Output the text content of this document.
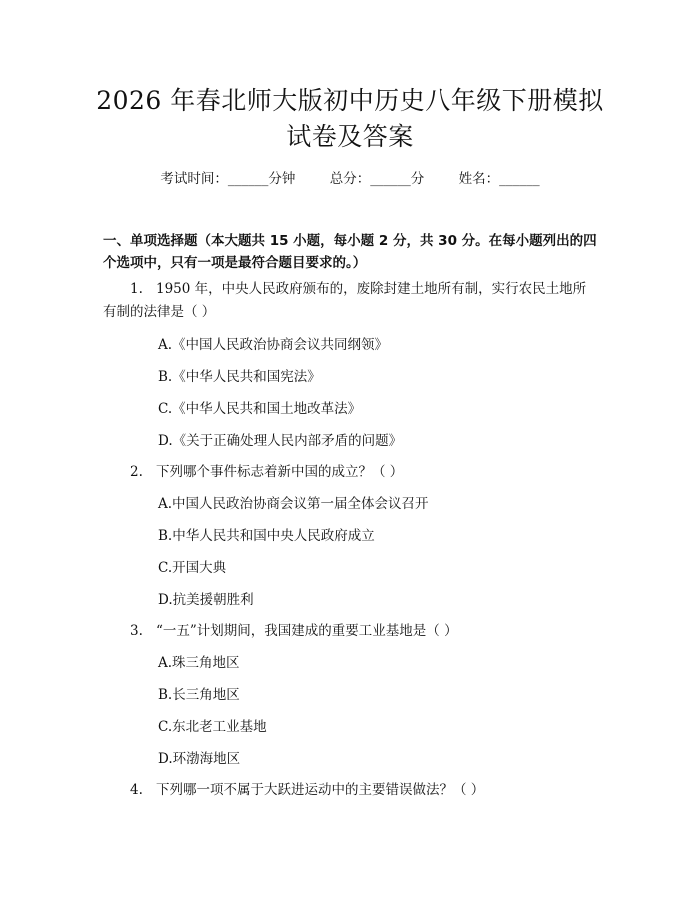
2026 年春北师大版初中历史八年级下册模拟
试卷及答案
考试时间：______分钟	总分：______分	姓名：______
一、单项选择题（本大题共 15 小题，每小题 2 分，共 30 分。在每小题列出的四个选项中，只有一项是最符合题目要求的。）
1. 1950 年，中央人民政府颁布的，废除封建土地所有制，实行农民土地所
有制的法律是（ ）
A.《中国人民政治协商会议共同纲领》
B.《中华人民共和国宪法》
C.《中华人民共和国土地改革法》
D.《关于正确处理人民内部矛盾的问题》
2. 下列哪个事件标志着新中国的成立？（ ）
A.中国人民政治协商会议第一届全体会议召开
B.中华人民共和国中央人民政府成立
C.开国大典
D.抗美援朝胜利
3. “一五”计划期间，我国建成的重要工业基地是（ ）
A.珠三角地区
B.长三角地区
C.东北老工业基地
D.环渤海地区
4. 下列哪一项不属于大跃进运动中的主要错误做法？（ ）
